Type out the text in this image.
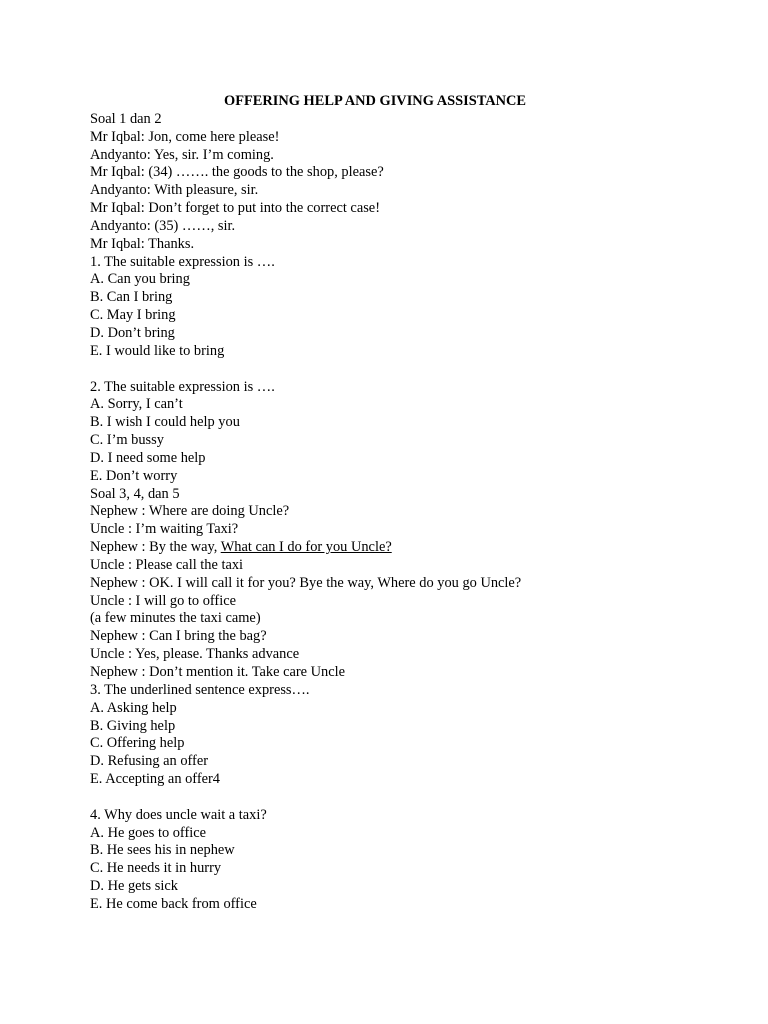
OFFERING HELP AND GIVING ASSISTANCE
Soal 1 dan 2
Mr Iqbal: Jon, come here please!
Andyanto: Yes, sir. I’m coming.
Mr Iqbal: (34) ……. the goods to the shop, please?
Andyanto: With pleasure, sir.
Mr Iqbal: Don’t forget to put into the correct case!
Andyanto: (35) ……, sir.
Mr Iqbal: Thanks.
1. The suitable expression is ….
A. Can you bring
B. Can I bring
C. May I bring
D. Don’t bring
E. I would like to bring
2. The suitable expression is ….
A. Sorry, I can’t
B. I wish I could help you
C. I’m bussy
D. I need some help
E. Don’t worry
Soal 3, 4, dan 5
Nephew : Where are doing Uncle?
Uncle : I’m waiting Taxi?
Nephew : By the way, What can I do for you Uncle?
Uncle : Please call the taxi
Nephew : OK. I will call it for you? Bye the way, Where do you go Uncle?
Uncle : I will go to office
(a few minutes the taxi came)
Nephew : Can I bring the bag?
Uncle : Yes, please. Thanks advance
Nephew : Don’t mention it. Take care Uncle
3. The underlined sentence express….
A. Asking help
B. Giving help
C. Offering help
D. Refusing an offer
E. Accepting an offer4
4. Why does uncle wait a taxi?
A. He goes to office
B. He sees his in nephew
C. He needs it in hurry
D. He gets sick
E. He come back from office
